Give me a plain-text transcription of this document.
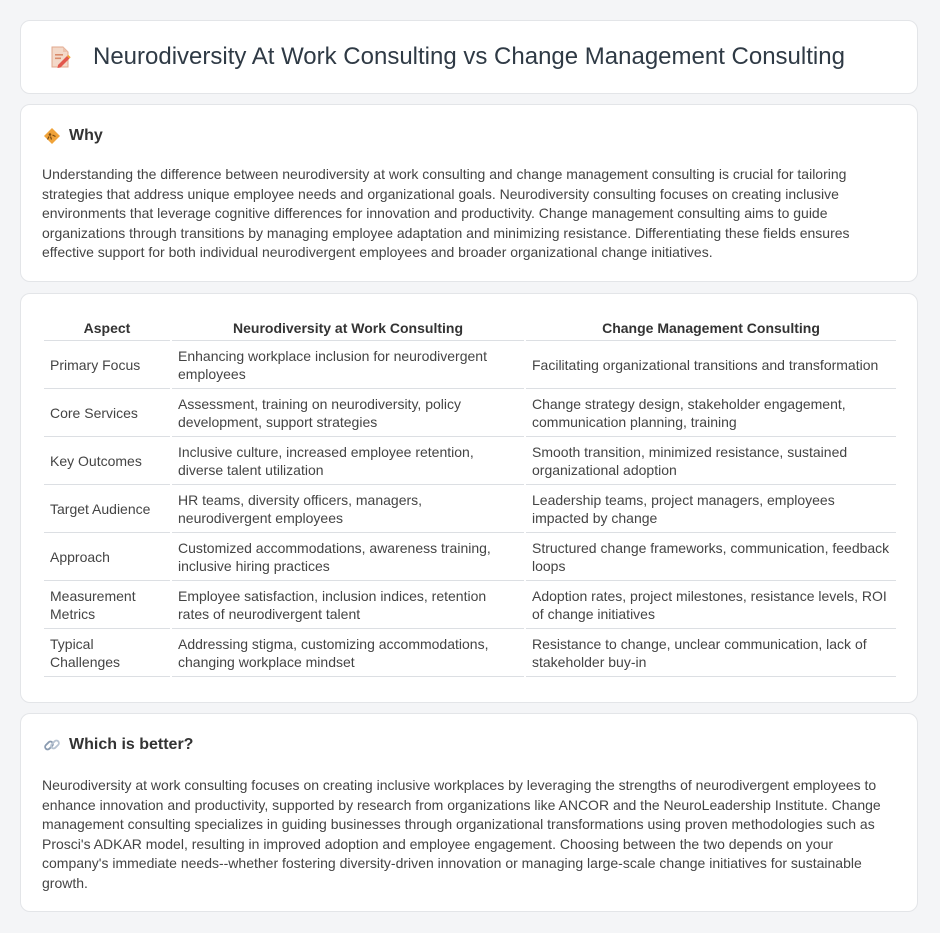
Neurodiversity At Work Consulting vs Change Management Consulting
Why
Understanding the difference between neurodiversity at work consulting and change management consulting is crucial for tailoring strategies that address unique employee needs and organizational goals. Neurodiversity consulting focuses on creating inclusive environments that leverage cognitive differences for innovation and productivity. Change management consulting aims to guide organizations through transitions by managing employee adaptation and minimizing resistance. Differentiating these fields ensures effective support for both individual neurodivergent employees and broader organizational change initiatives.
Aspect	Neurodiversity at Work Consulting	Change Management Consulting
Primary Focus	Enhancing workplace inclusion for neurodivergent employees	Facilitating organizational transitions and transformation
Core Services	Assessment, training on neurodiversity, policy development, support strategies	Change strategy design, stakeholder engagement, communication planning, training
Key Outcomes	Inclusive culture, increased employee retention, diverse talent utilization	Smooth transition, minimized resistance, sustained organizational adoption
Target Audience	HR teams, diversity officers, managers, neurodivergent employees	Leadership teams, project managers, employees impacted by change
Approach	Customized accommodations, awareness training, inclusive hiring practices	Structured change frameworks, communication, feedback loops
Measurement Metrics	Employee satisfaction, inclusion indices, retention rates of neurodivergent talent	Adoption rates, project milestones, resistance levels, ROI of change initiatives
Typical Challenges	Addressing stigma, customizing accommodations, changing workplace mindset	Resistance to change, unclear communication, lack of stakeholder buy-in
Which is better?
Neurodiversity at work consulting focuses on creating inclusive workplaces by leveraging the strengths of neurodivergent employees to enhance innovation and productivity, supported by research from organizations like ANCOR and the NeuroLeadership Institute. Change management consulting specializes in guiding businesses through organizational transformations using proven methodologies such as Prosci's ADKAR model, resulting in improved adoption and employee engagement. Choosing between the two depends on your company's immediate needs--whether fostering diversity-driven innovation or managing large-scale change initiatives for sustainable growth.
